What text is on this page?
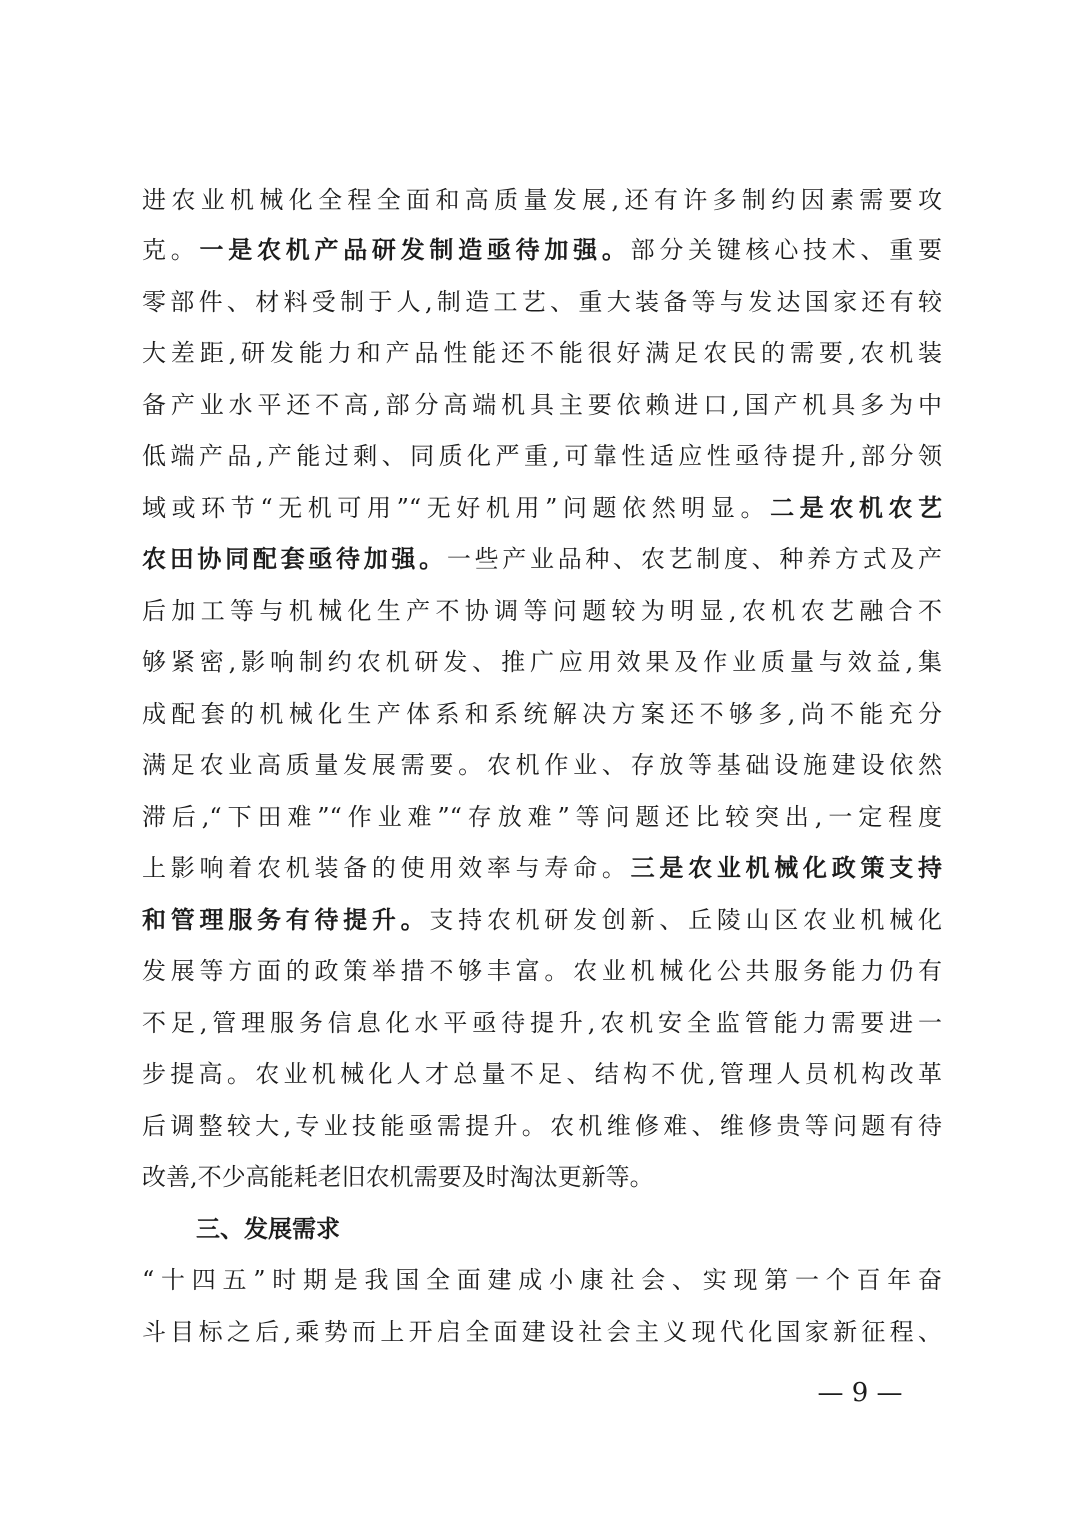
进农业机械化全程全面和高质量发展,还有许多制约因素需要攻
克。一是农机产品研发制造亟待加强。部分关键核心技术、重要
零部件、材料受制于人,制造工艺、重大装备等与发达国家还有较
大差距,研发能力和产品性能还不能很好满足农民的需要,农机装
备产业水平还不高,部分高端机具主要依赖进口,国产机具多为中
低端产品,产能过剩、同质化严重,可靠性适应性亟待提升,部分领
域或环节“无机可用”“无好机用”问题依然明显。二是农机农艺
农田协同配套亟待加强。一些产业品种、农艺制度、种养方式及产
后加工等与机械化生产不协调等问题较为明显,农机农艺融合不
够紧密,影响制约农机研发、推广应用效果及作业质量与效益,集
成配套的机械化生产体系和系统解决方案还不够多,尚不能充分
满足农业高质量发展需要。农机作业、存放等基础设施建设依然
滞后,“下田难”“作业难”“存放难”等问题还比较突出,一定程度
上影响着农机装备的使用效率与寿命。三是农业机械化政策支持
和管理服务有待提升。支持农机研发创新、丘陵山区农业机械化
发展等方面的政策举措不够丰富。农业机械化公共服务能力仍有
不足,管理服务信息化水平亟待提升,农机安全监管能力需要进一
步提高。农业机械化人才总量不足、结构不优,管理人员机构改革
后调整较大,专业技能亟需提升。农机维修难、维修贵等问题有待
改善,不少高能耗老旧农机需要及时淘汰更新等。
三、发展需求
“十四五”时期是我国全面建成小康社会、实现第一个百年奋
斗目标之后,乘势而上开启全面建设社会主义现代化国家新征程、
— 9 —
